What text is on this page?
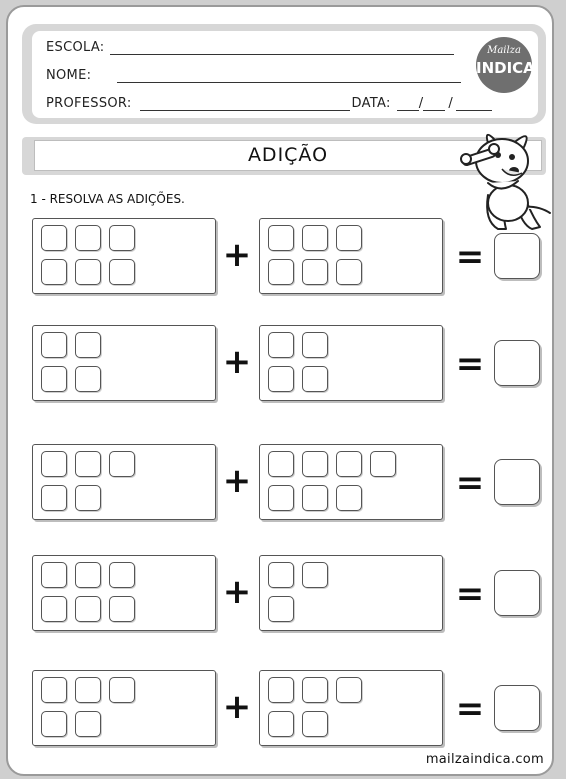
ESCOLA:
NOME:
PROFESSOR:	DATA: / /
Mailza
INDICA
ADIÇÃO
1 - RESOLVA AS ADIÇÕES.
+	=
+	=
+	=
+	=
+	=
mailzaindica.com
